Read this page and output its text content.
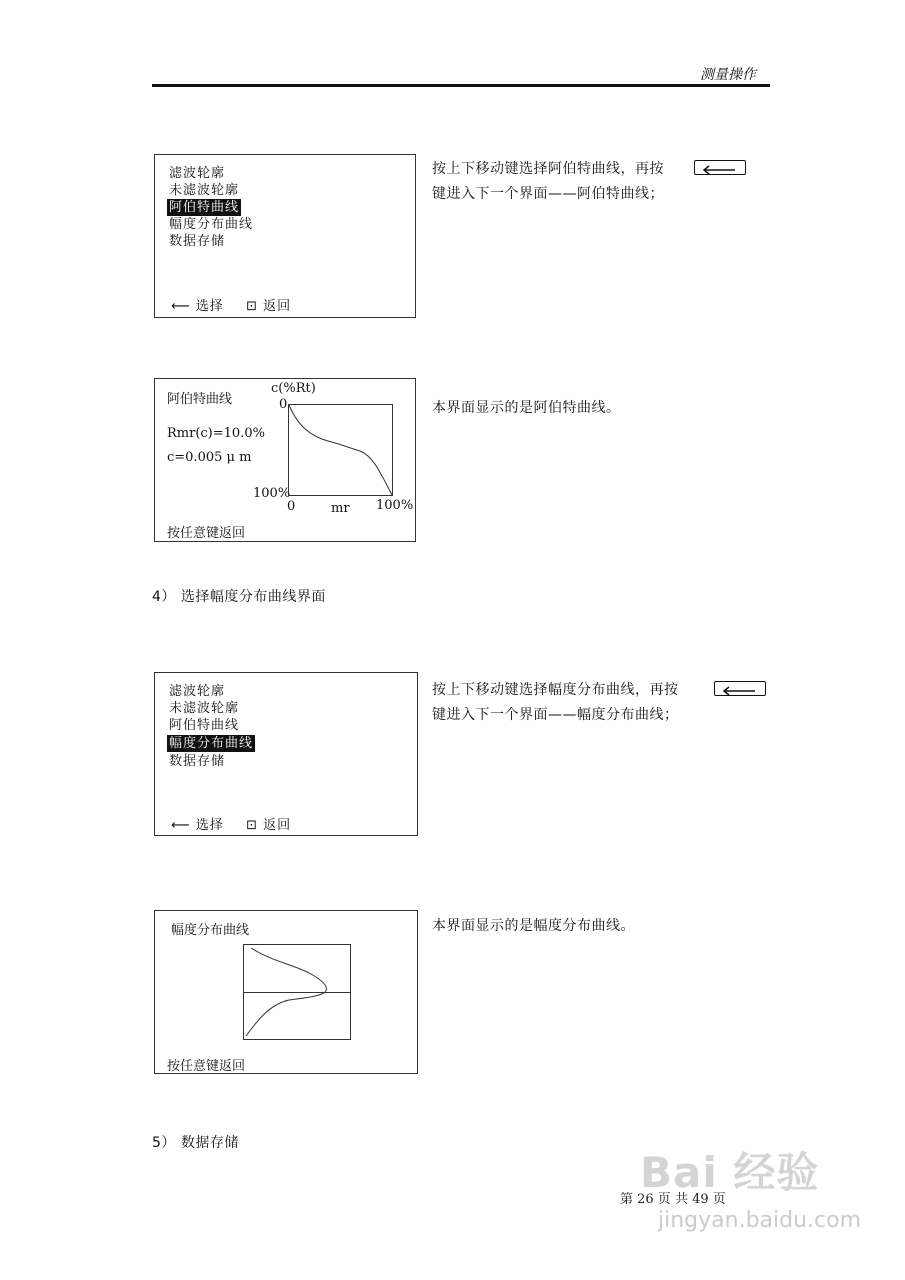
测量操作
滤波轮廓
未滤波轮廓
阿伯特曲线
幅度分布曲线
数据存储
⟵ 选择 ⊡ 返回
按上下移动键选择阿伯特曲线，再按
键进入下一个界面——阿伯特曲线；
阿伯特曲线
c(%Rt)
0
Rmr(c)=10.0%
c=0.005 μ m
100%
0	mr 100%
按任意键返回
本界面显示的是阿伯特曲线。
4） 选择幅度分布曲线界面
滤波轮廓
未滤波轮廓
阿伯特曲线
幅度分布曲线
数据存储
⟵ 选择 ⊡ 返回
按上下移动键选择幅度分布曲线，再按
键进入下一个界面——幅度分布曲线；
幅度分布曲线
按任意键返回
本界面显示的是幅度分布曲线。
5） 数据存储
Bai 经验
第 26 页 共 49 页
jingyan.baidu.com
